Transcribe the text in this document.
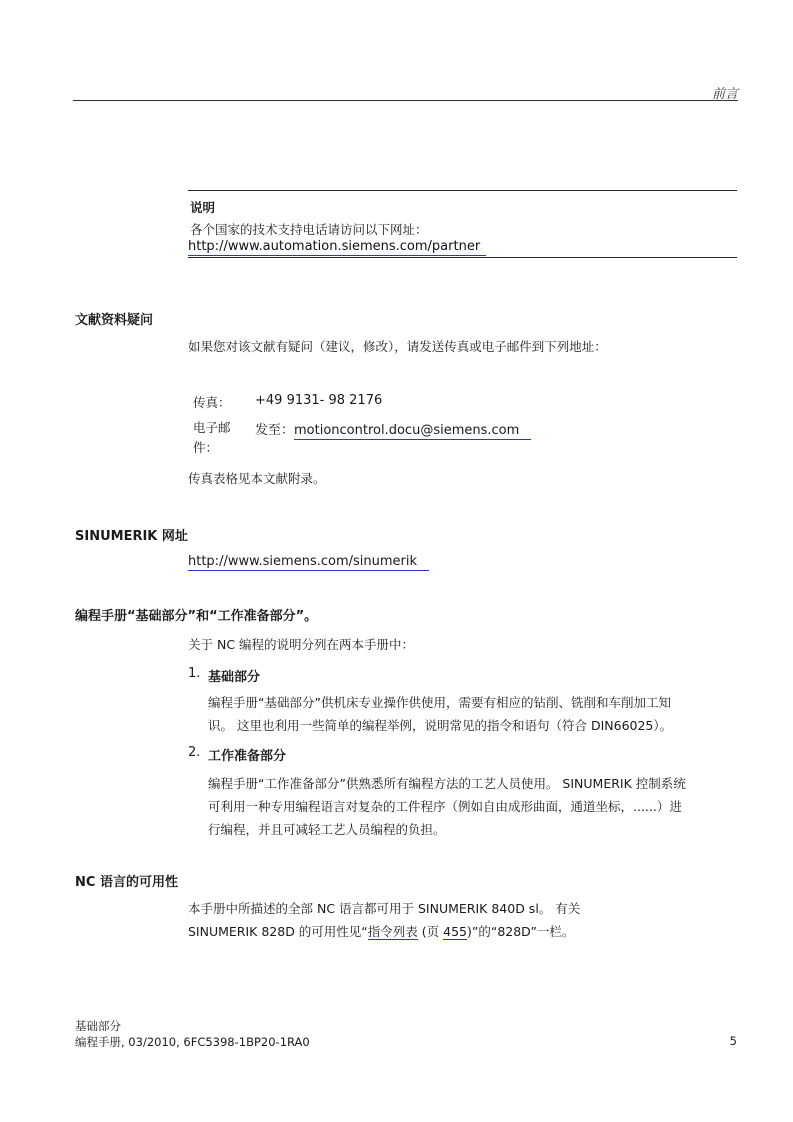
前言
说明
各个国家的技术支持电话请访问以下网址：
http://www.automation.siemens.com/partner
文献资料疑问
如果您对该文献有疑问（建议，修改），请发送传真或电子邮件到下列地址：
传真： +49 9131- 98 2176
电子邮件：
发至：motioncontrol.docu@siemens.com
传真表格见本文献附录。
SINUMERIK 网址
http://www.siemens.com/sinumerik
编程手册“基础部分”和“工作准备部分”。
关于 NC 编程的说明分列在两本手册中：
1. 基础部分
编程手册“基础部分”供机床专业操作供使用，需要有相应的钻削、铣削和车削加工知
识。 这里也利用一些简单的编程举例，说明常见的指令和语句（符合 DIN66025）。
2. 工作准备部分
编程手册“工作准备部分”供熟悉所有编程方法的工艺人员使用。 SINUMERIK 控制系统
可利用一种专用编程语言对复杂的工件程序（例如自由成形曲面，通道坐标，......）进
行编程，并且可减轻工艺人员编程的负担。
NC 语言的可用性
本手册中所描述的全部 NC 语言都可用于 SINUMERIK 840D sl。 有关
SINUMERIK 828D 的可用性见“指令列表 (页 455)”的“828D”一栏。
基础部分
编程手册, 03/2010, 6FC5398-1BP20-1RA0	5
